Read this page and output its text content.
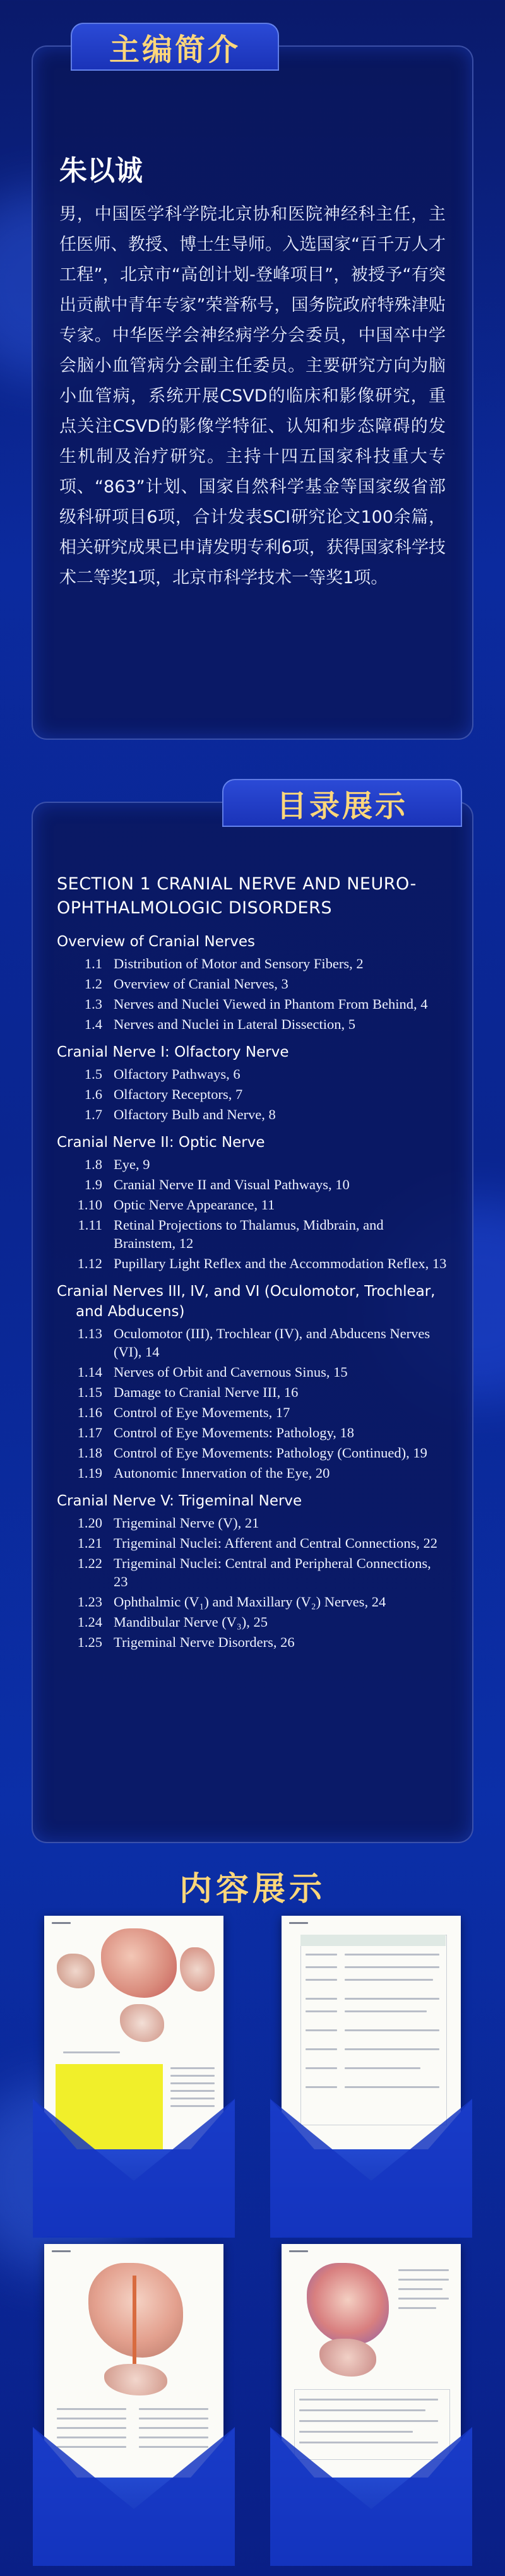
主编简介
朱以诚

男，中国医学科学院北京协和医院神经科主任，主任医师、教授、博士生导师。入选国家“百千万人才工程”，北京市“高创计划-登峰项目”，被授予“有突出贡献中青年专家”荣誉称号，国务院政府特殊津贴专家。中华医学会神经病学分会委员，中国卒中学会脑小血管病分会副主任委员。主要研究方向为脑小血管病，系统开展CSVD的临床和影像研究，重点关注CSVD的影像学特征、认知和步态障碍的发生机制及治疗研究。主持十四五国家科技重大专项、“863”计划、国家自然科学基金等国家级省部级科研项目6项，合计发表SCI研究论文100余篇，相关研究成果已申请发明专利6项，获得国家科学技术二等奖1项，北京市科学技术一等奖1项。

目录展示
SECTION 1 CRANIAL NERVE AND NEURO-OPHTHALMOLOGIC DISORDERS
Overview of Cranial Nerves
1.1 Distribution of Motor and Sensory Fibers, 2
1.2 Overview of Cranial Nerves, 3
1.3 Nerves and Nuclei Viewed in Phantom From Behind, 4
1.4 Nerves and Nuclei in Lateral Dissection, 5
Cranial Nerve I: Olfactory Nerve
1.5 Olfactory Pathways, 6
1.6 Olfactory Receptors, 7
1.7 Olfactory Bulb and Nerve, 8
Cranial Nerve II: Optic Nerve
1.8 Eye, 9
1.9 Cranial Nerve II and Visual Pathways, 10
1.10 Optic Nerve Appearance, 11
1.11 Retinal Projections to Thalamus, Midbrain, and Brainstem, 12
1.12 Pupillary Light Reflex and the Accommodation Reflex, 13
Cranial Nerves III, IV, and VI (Oculomotor, Trochlear, and Abducens)
1.13 Oculomotor (III), Trochlear (IV), and Abducens Nerves (VI), 14
1.14 Nerves of Orbit and Cavernous Sinus, 15
1.15 Damage to Cranial Nerve III, 16
1.16 Control of Eye Movements, 17
1.17 Control of Eye Movements: Pathology, 18
1.18 Control of Eye Movements: Pathology (Continued), 19
1.19 Autonomic Innervation of the Eye, 20
Cranial Nerve V: Trigeminal Nerve
1.20 Trigeminal Nerve (V), 21
1.21 Trigeminal Nuclei: Afferent and Central Connections, 22
1.22 Trigeminal Nuclei: Central and Peripheral Connections, 23
1.23 Ophthalmic (V₁) and Maxillary (V₂) Nerves, 24
1.24 Mandibular Nerve (V₃), 25
1.25 Trigeminal Nerve Disorders, 26
内容展示
